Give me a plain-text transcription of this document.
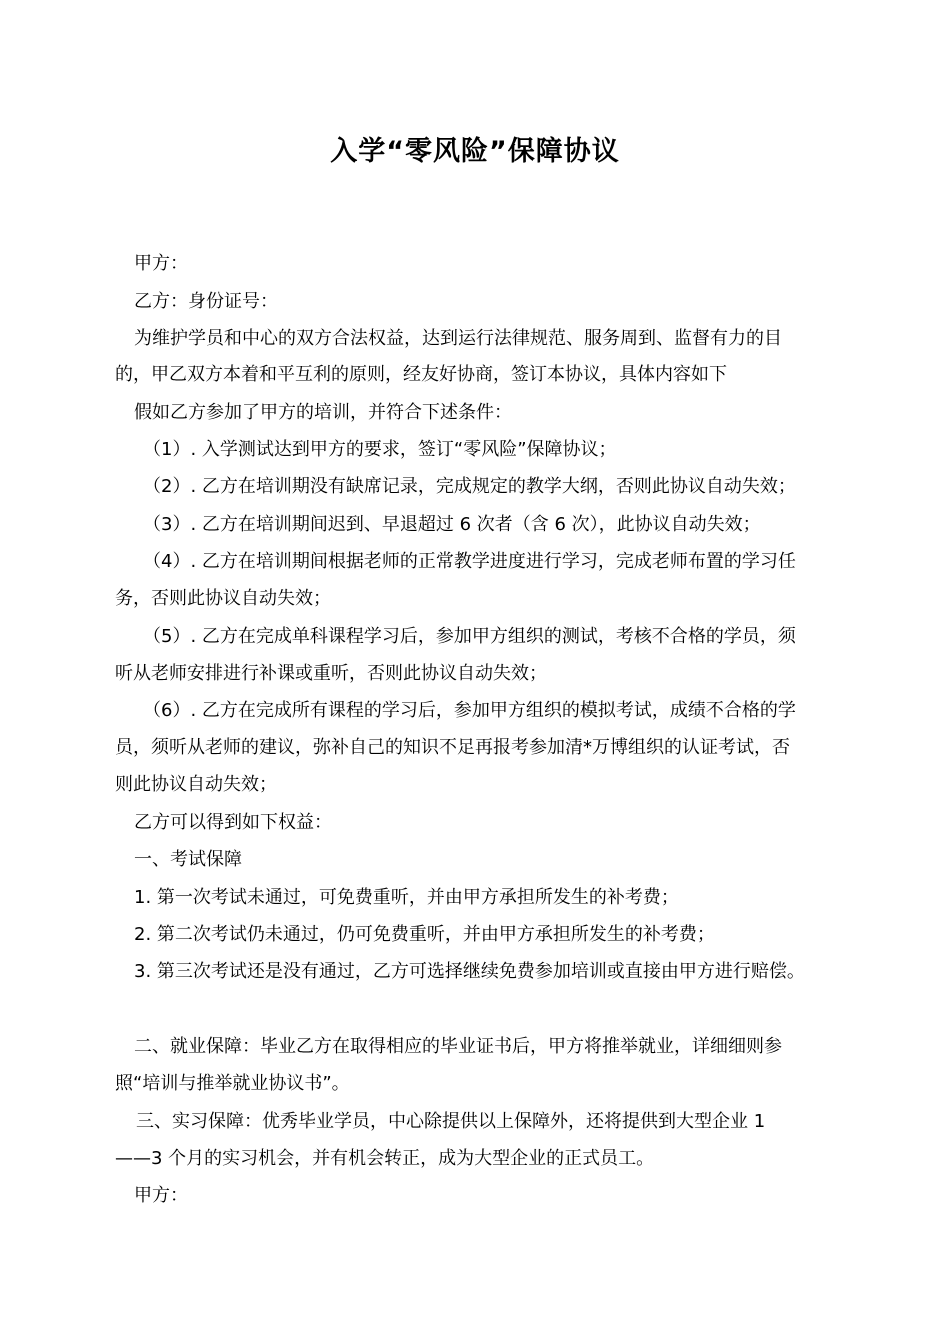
入学“零风险”保障协议
甲方：
乙方：身份证号：
为维护学员和中心的双方合法权益，达到运行法律规范、服务周到、监督有力的目
的，甲乙双方本着和平互利的原则，经友好协商，签订本协议，具体内容如下
假如乙方参加了甲方的培训，并符合下述条件：
（1）. 入学测试达到甲方的要求，签订“零风险”保障协议；
（2）. 乙方在培训期没有缺席记录，完成规定的教学大纲，否则此协议自动失效；
（3）. 乙方在培训期间迟到、早退超过 6 次者（含 6 次），此协议自动失效；
（4）. 乙方在培训期间根据老师的正常教学进度进行学习，完成老师布置的学习任
务，否则此协议自动失效；
（5）. 乙方在完成单科课程学习后，参加甲方组织的测试，考核不合格的学员，须
听从老师安排进行补课或重听，否则此协议自动失效；
（6）. 乙方在完成所有课程的学习后，参加甲方组织的模拟考试，成绩不合格的学
员，须听从老师的建议，弥补自己的知识不足再报考参加清*万博组织的认证考试，否
则此协议自动失效；
乙方可以得到如下权益：
一、考试保障
1. 第一次考试未通过，可免费重听，并由甲方承担所发生的补考费；
2. 第二次考试仍未通过，仍可免费重听，并由甲方承担所发生的补考费；
3. 第三次考试还是没有通过，乙方可选择继续免费参加培训或直接由甲方进行赔偿。
二、就业保障：毕业乙方在取得相应的毕业证书后，甲方将推举就业，详细细则参
照“培训与推举就业协议书”。
三、实习保障：优秀毕业学员，中心除提供以上保障外，还将提供到大型企业 1
——3 个月的实习机会，并有机会转正，成为大型企业的正式员工。
甲方：
